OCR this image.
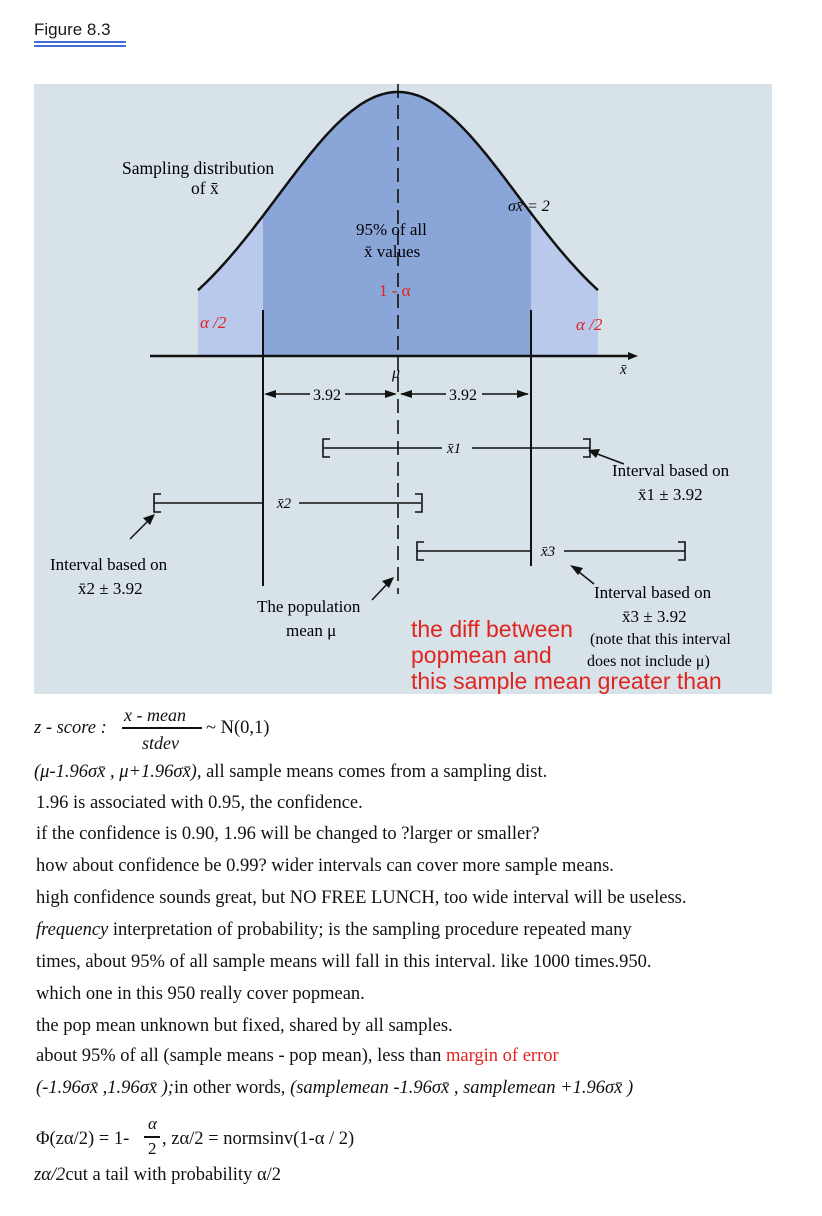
Figure 8.3
x̄
Sampling distribution
of x̄
σx̄ = 2
95% of all
x̄ values
1 - α
α /2	α /2
μ
3.92	3.92
x̄1
Interval based on
x̄1 ± 3.92
x̄2
Interval based on
x̄2 ± 3.92
x̄3
Interval based on
x̄3 ± 3.92
(note that this interval
does not include μ)
The population
mean μ	the diff between
popmean and
this sample mean greater than
z - score :
x - mean
stdev
~ N(0,1)
(μ-1.96σx̄ , μ+1.96σx̄), all sample means comes from a sampling dist.
1.96 is associated with 0.95, the confidence.
if the confidence is 0.90, 1.96 will be changed to ?larger or smaller?
how about confidence be 0.99? wider intervals can cover more sample means.
high confidence sounds great, but NO FREE LUNCH, too wide interval will be useless.
frequency interpretation of probability; is the sampling procedure repeated many
times, about 95% of all sample means will fall in this interval. like 1000 times.950.
which one in this 950 really cover popmean.
the pop mean unknown but fixed, shared by all samples.
about 95% of all (sample means - pop mean), less than margin of error
(-1.96σx̄ ,1.96σx̄ );in other words, (samplemean -1.96σx̄ , samplemean +1.96σx̄ )
Φ(zα/2) = 1-
α
2 , zα/2 = normsinv(1-α / 2)
zα/2cut a tail with probability α/2
